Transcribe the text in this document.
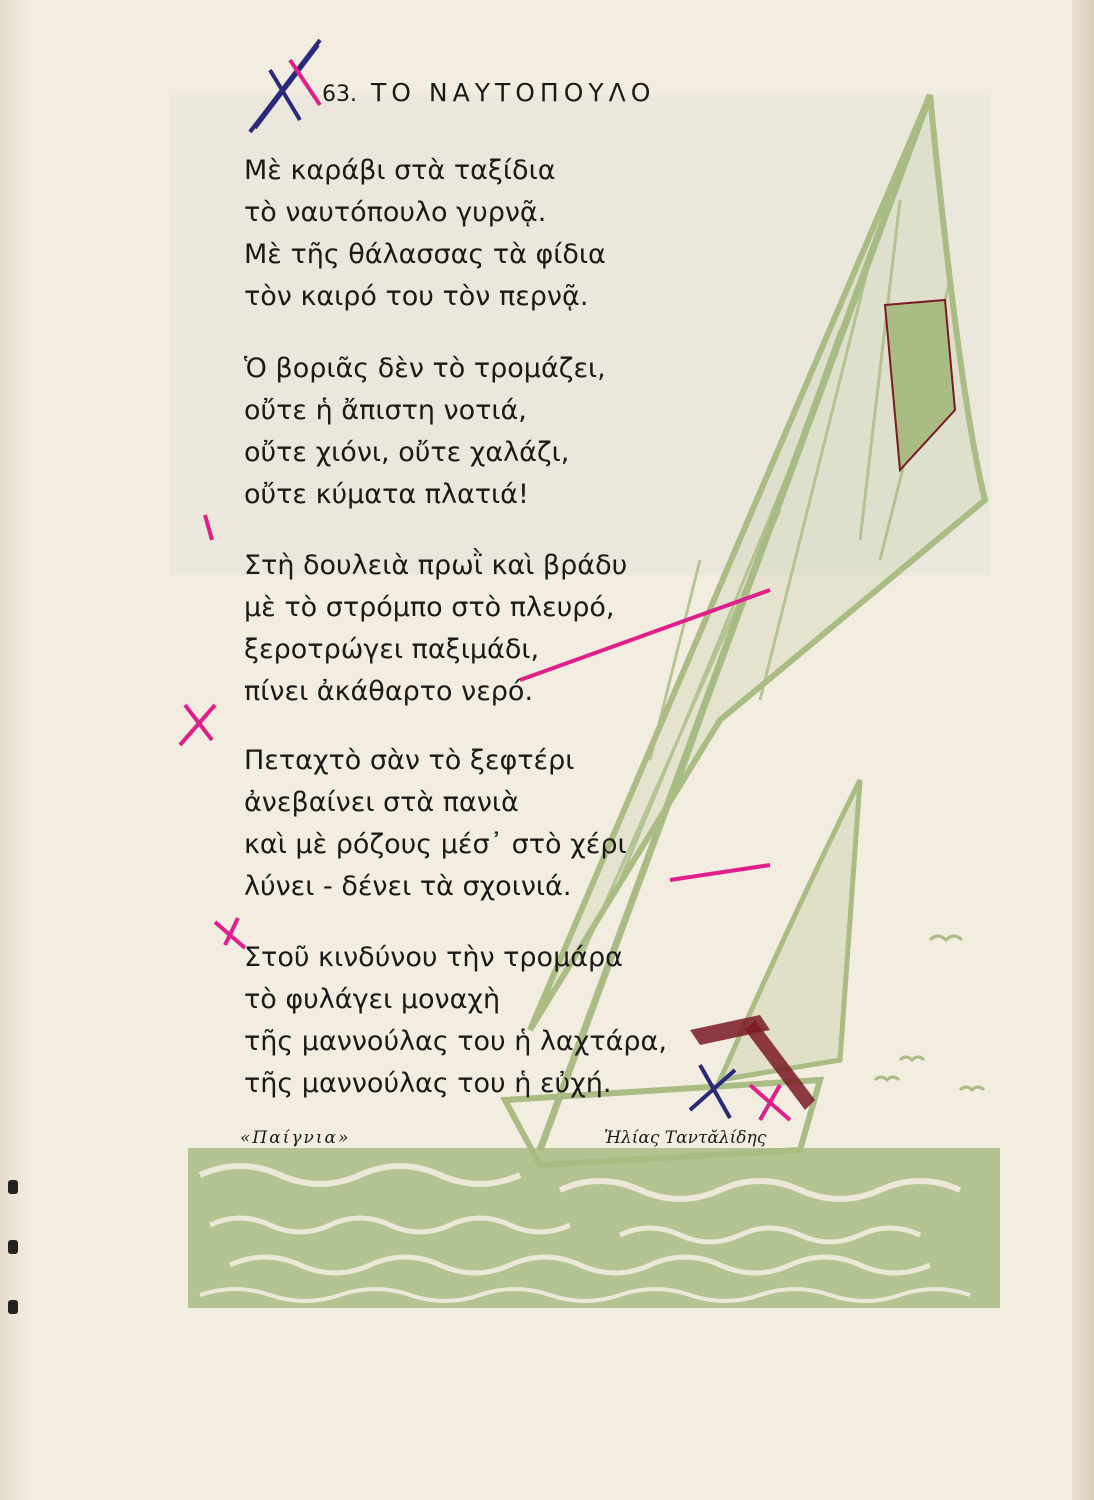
63. ΤΟ ΝΑΥΤΟΠΟΥΛΟ
Μὲ καράβι στὰ ταξίδια
τὸ ναυτόπουλο γυρνᾷ.
Μὲ τῆς θάλασσας τὰ φίδια
τὸν καιρό του τὸν περνᾷ.
Ὁ βοριᾶς δὲν τὸ τρομάζει,
οὔτε ἡ ἄπιστη νοτιά,
οὔτε χιόνι, οὔτε χαλάζι,
οὔτε κύματα πλατιά!
Στὴ δουλειὰ πρωῒ καὶ βράδυ
μὲ τὸ στρόμπο στὸ πλευρό,
ξεροτρώγει παξιμάδι,
πίνει ἀκάθαρτο νερό.
Πεταχτὸ σὰν τὸ ξεφτέρι
ἀνεβαίνει στὰ πανιὰ
καὶ μὲ ρόζους μέσ᾽ στὸ χέρι
λύνει - δένει τὰ σχοινιά.
Στοῦ κινδύνου τὴν τρομάρα
τὸ φυλάγει μοναχὴ
τῆς μαννούλας του ἡ λαχτάρα,
τῆς μαννούλας του ἡ εὐχή.
«Παίγνια»	Ἠλίας Ταντᾰλίδης
